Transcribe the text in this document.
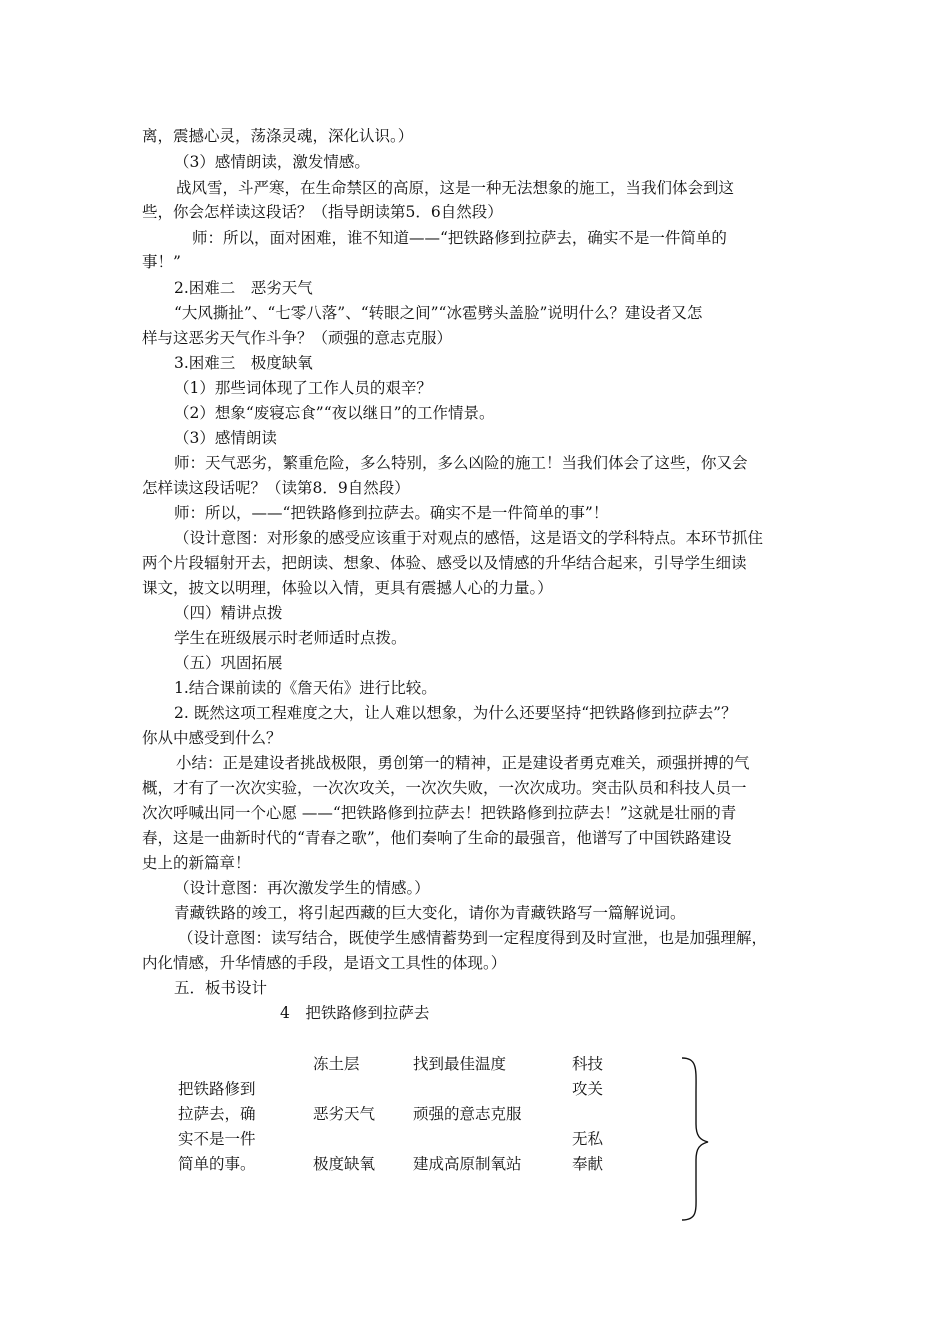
离，震撼心灵，荡涤灵魂，深化认识。）
（3）感情朗读，激发情感。
战风雪，斗严寒，在生命禁区的高原，这是一种无法想象的施工，当我们体会到这
些，你会怎样读这段话？（指导朗读第5．6自然段）
师：所以，面对困难，谁不知道——“把铁路修到拉萨去，确实不是一件简单的
事！”
2.困难二　恶劣天气
“大风撕扯”、“七零八落”、“转眼之间”“冰雹劈头盖脸”说明什么？建设者又怎
样与这恶劣天气作斗争？（顽强的意志克服）
3.困难三　极度缺氧
（1）那些词体现了工作人员的艰辛？
（2）想象“废寝忘食”“夜以继日”的工作情景。
（3）感情朗读
师：天气恶劣，繁重危险，多么特别，多么凶险的施工！当我们体会了这些，你又会
怎样读这段话呢？（读第8．9自然段）
师：所以，——“把铁路修到拉萨去。确实不是一件简单的事”！
（设计意图：对形象的感受应该重于对观点的感悟，这是语文的学科特点。本环节抓住
两个片段辐射开去，把朗读、想象、体验、感受以及情感的升华结合起来，引导学生细读
课文，披文以明理，体验以入情，更具有震撼人心的力量。）
（四）精讲点拨
学生在班级展示时老师适时点拨。
（五）巩固拓展
1.结合课前读的《詹天佑》进行比较。
2. 既然这项工程难度之大，让人难以想象，为什么还要坚持“把铁路修到拉萨去”？
你从中感受到什么？
小结：正是建设者挑战极限，勇创第一的精神，正是建设者勇克难关，顽强拼搏的气
概，才有了一次次实验，一次次攻关，一次次失败，一次次成功。突击队员和科技人员一
次次呼喊出同一个心愿 ——“把铁路修到拉萨去！把铁路修到拉萨去！”这就是壮丽的青
春，这是一曲新时代的“青春之歌”，他们奏响了生命的最强音，他谱写了中国铁路建设
史上的新篇章！
（设计意图：再次激发学生的情感。）
青藏铁路的竣工，将引起西藏的巨大变化，请你为青藏铁路写一篇解说词。
（设计意图：读写结合，既使学生感情蓄势到一定程度得到及时宣泄，也是加强理解，
内化情感，升华情感的手段，是语文工具性的体现。）
五．板书设计
4　把铁路修到拉萨去
把铁路修到
拉萨去，确
实不是一件
简单的事。
冻土层
恶劣天气
极度缺氧
找到最佳温度
顽强的意志克服
建成高原制氧站
科技
攻关
无私
奉献
